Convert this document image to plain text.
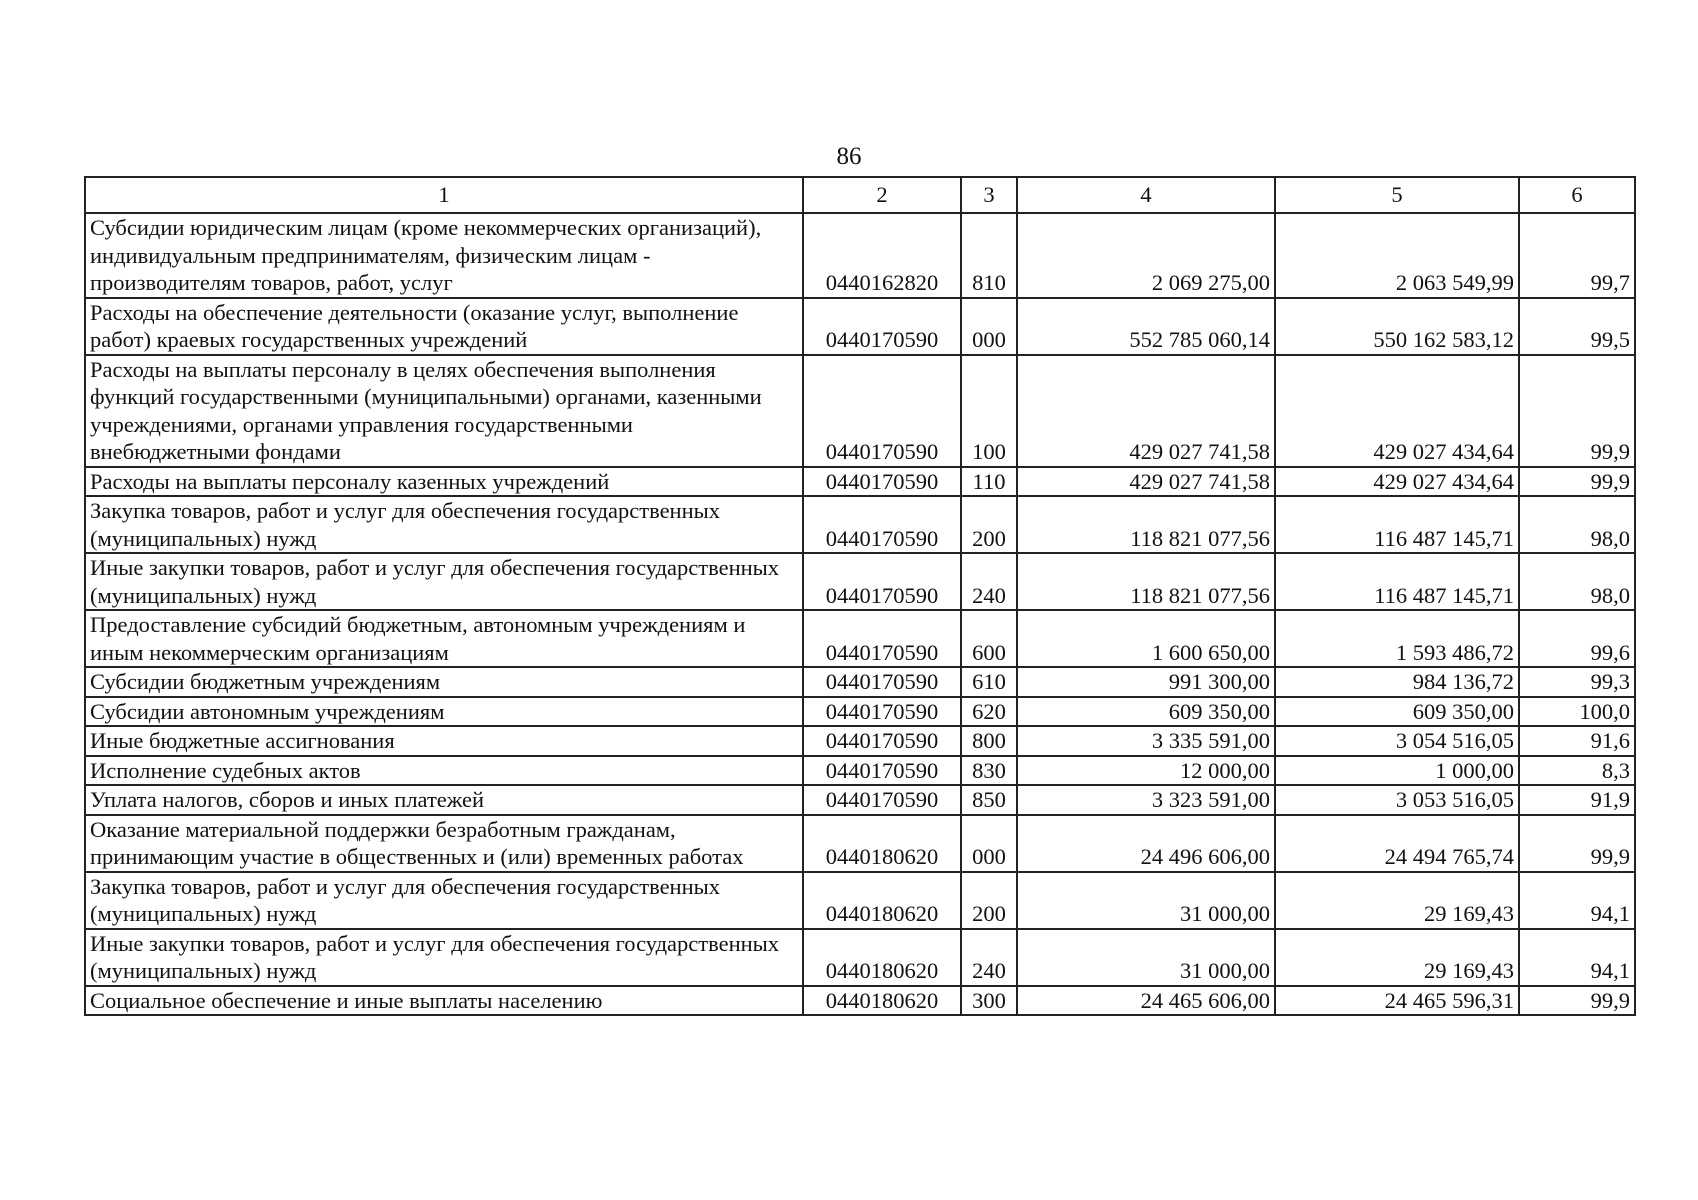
86
1	2	3	4	5	6
Субсидии юридическим лицам (кроме некоммерческих организаций), индивидуальным предпринимателям, физическим лицам - производителям товаров, работ, услуг	0440162820	810	2 069 275,00	2 063 549,99	99,7
Расходы на обеспечение деятельности (оказание услуг, выполнение работ) краевых государственных учреждений	0440170590	000	552 785 060,14	550 162 583,12	99,5
Расходы на выплаты персоналу в целях обеспечения выполнения функций государственными (муниципальными) органами, казенными учреждениями, органами управления государственными внебюджетными фондами	0440170590	100	429 027 741,58	429 027 434,64	99,9
Расходы на выплаты персоналу казенных учреждений	0440170590	110	429 027 741,58	429 027 434,64	99,9
Закупка товаров, работ и услуг для обеспечения государственных (муниципальных) нужд	0440170590	200	118 821 077,56	116 487 145,71	98,0
Иные закупки товаров, работ и услуг для обеспечения государственных (муниципальных) нужд	0440170590	240	118 821 077,56	116 487 145,71	98,0
Предоставление субсидий бюджетным, автономным учреждениям и иным некоммерческим организациям	0440170590	600	1 600 650,00	1 593 486,72	99,6
Субсидии бюджетным учреждениям	0440170590	610	991 300,00	984 136,72	99,3
Субсидии автономным учреждениям	0440170590	620	609 350,00	609 350,00	100,0
Иные бюджетные ассигнования	0440170590	800	3 335 591,00	3 054 516,05	91,6
Исполнение судебных актов	0440170590	830	12 000,00	1 000,00	8,3
Уплата налогов, сборов и иных платежей	0440170590	850	3 323 591,00	3 053 516,05	91,9
Оказание материальной поддержки безработным гражданам, принимающим участие в общественных и (или) временных работах	0440180620	000	24 496 606,00	24 494 765,74	99,9
Закупка товаров, работ и услуг для обеспечения государственных (муниципальных) нужд	0440180620	200	31 000,00	29 169,43	94,1
Иные закупки товаров, работ и услуг для обеспечения государственных (муниципальных) нужд	0440180620	240	31 000,00	29 169,43	94,1
Социальное обеспечение и иные выплаты населению	0440180620	300	24 465 606,00	24 465 596,31	99,9
